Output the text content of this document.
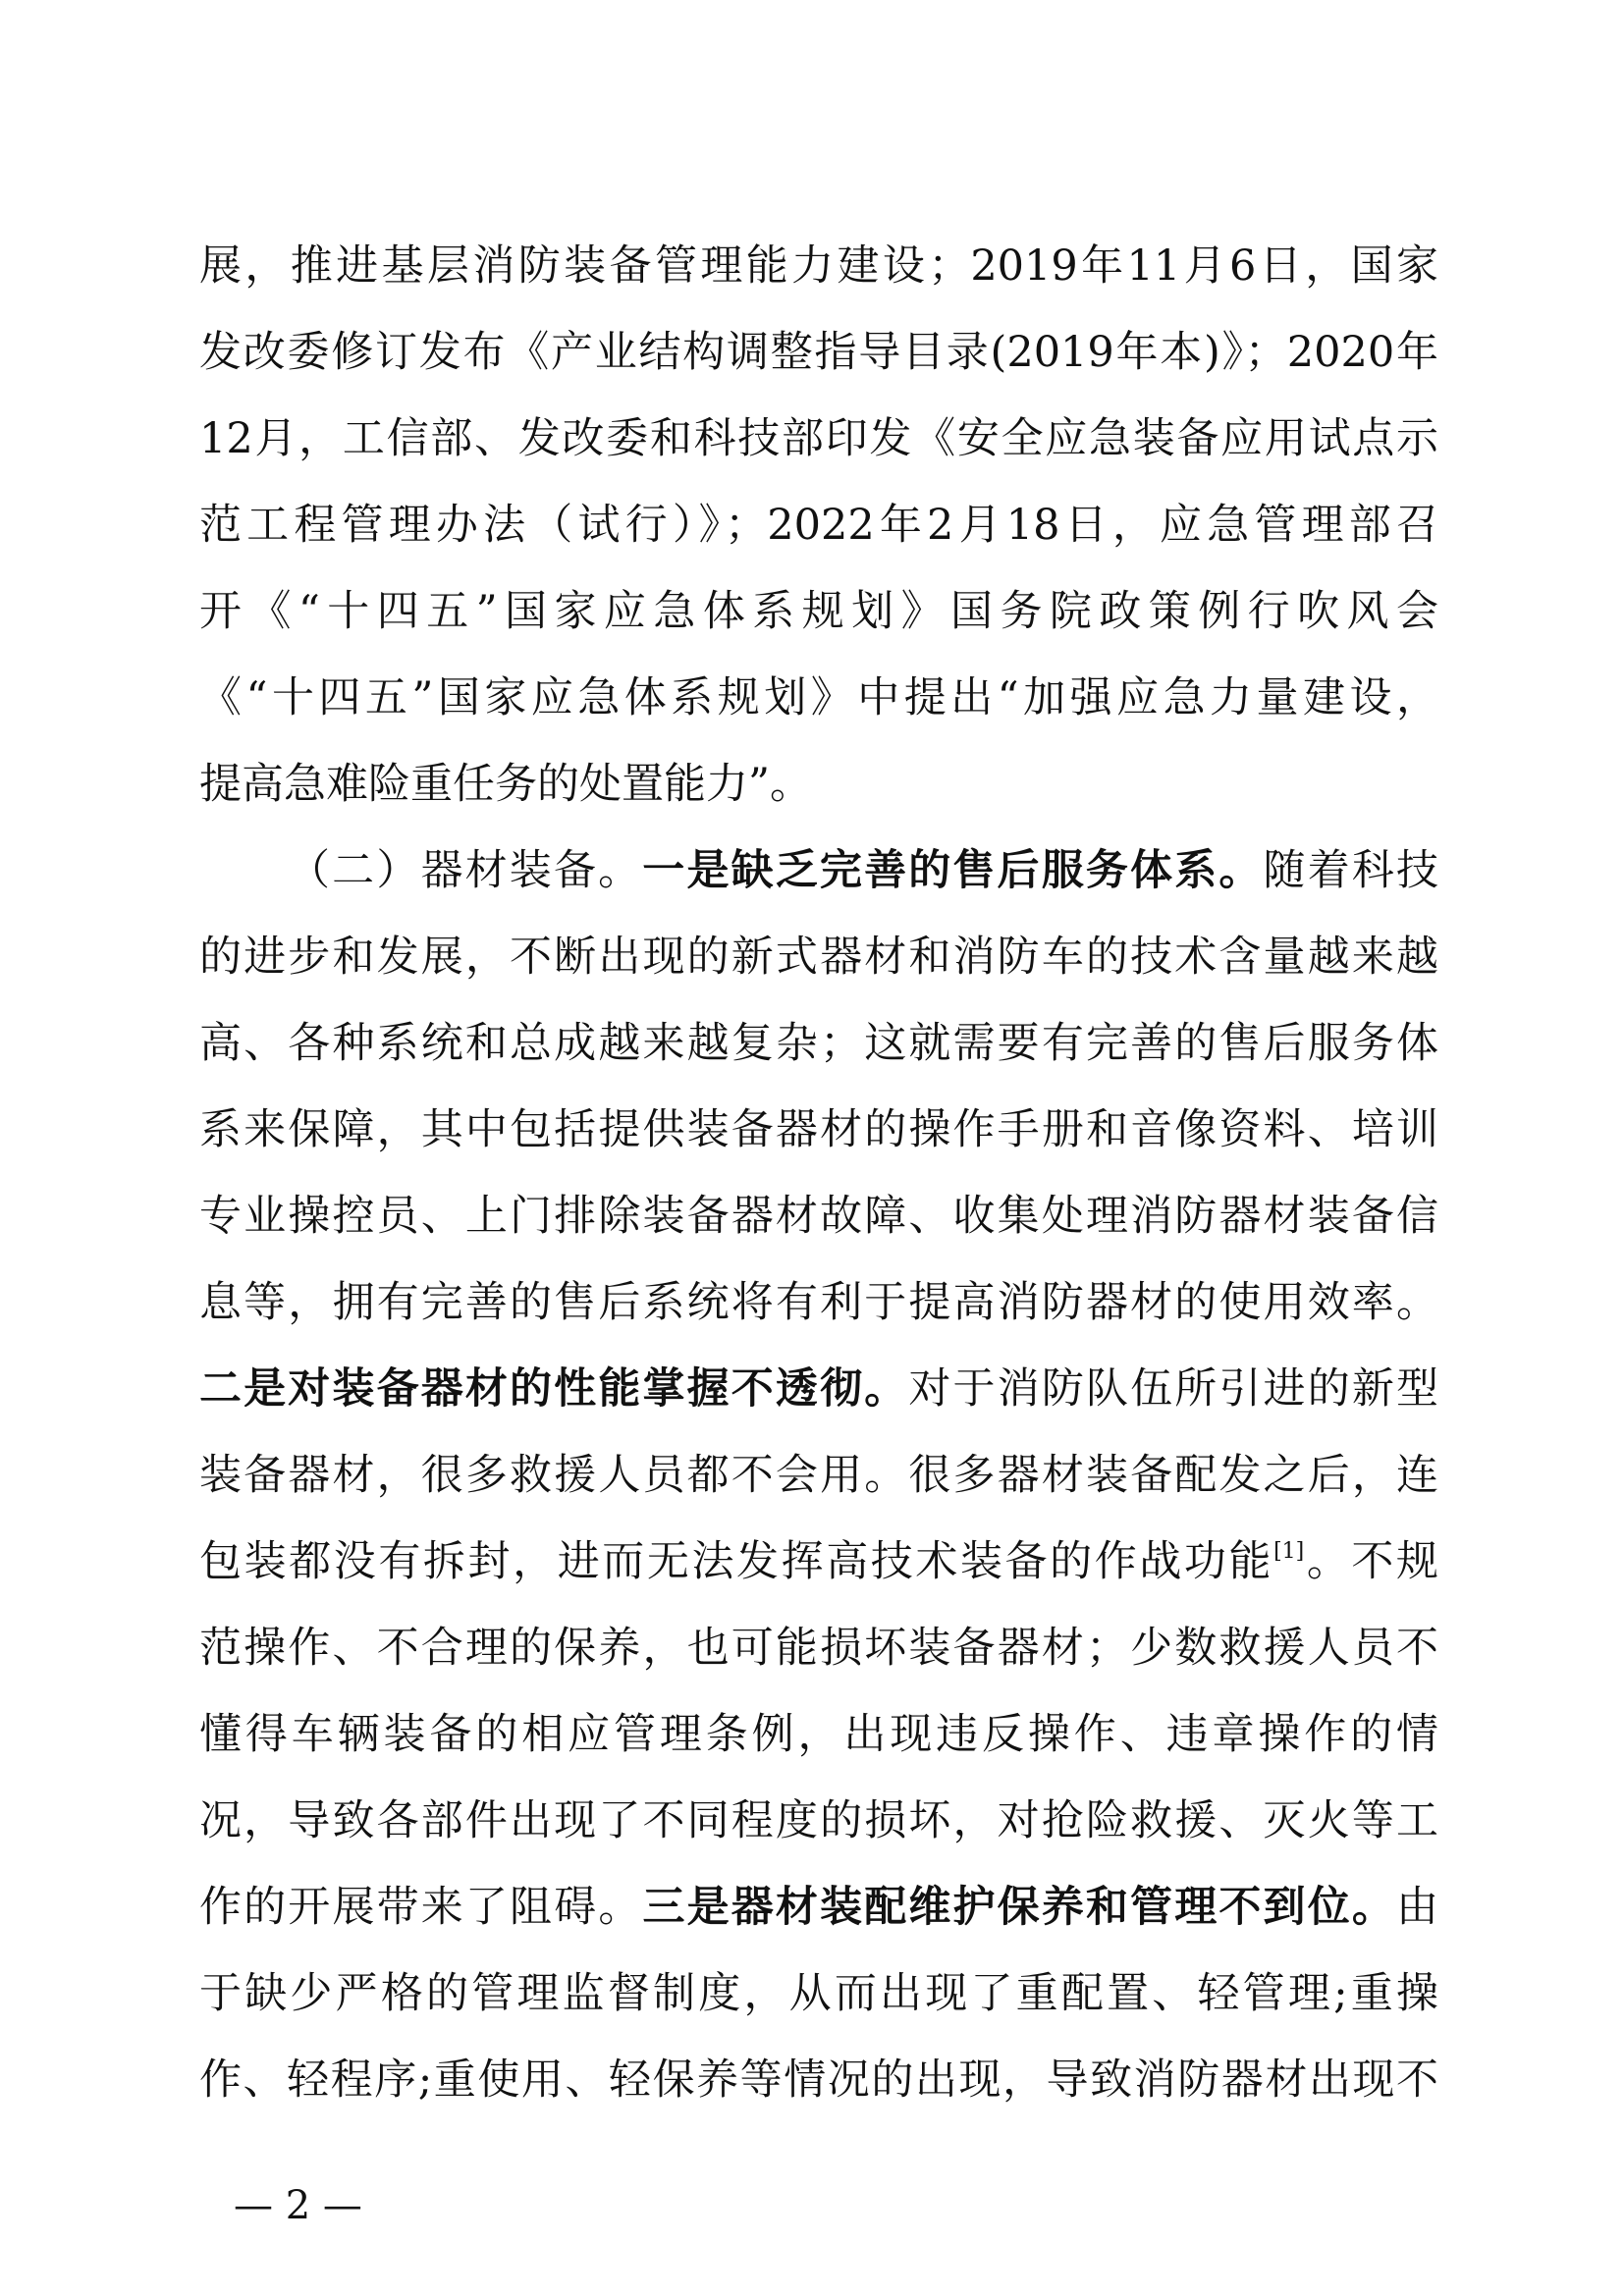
— 2 —
展，推进基层消防装备管理能力建设；2019年11月6日，国家
发改委修订发布《产业结构调整指导目录(2019年本)》；2020年
12月，工信部、发改委和科技部印发《安全应急装备应用试点示
范工程管理办法（试行）》；2022年2月18日，应急管理部召
开《“十四五”国家应急体系规划》国务院政策例行吹风会
《“十四五”国家应急体系规划》中提出“加强应急力量建设，
提高急难险重任务的处置能力”。
（二）器材装备。一是缺乏完善的售后服务体系。随着科技
的进步和发展，不断出现的新式器材和消防车的技术含量越来越
高、各种系统和总成越来越复杂；这就需要有完善的售后服务体
系来保障，其中包括提供装备器材的操作手册和音像资料、培训
专业操控员、上门排除装备器材故障、收集处理消防器材装备信
息等，拥有完善的售后系统将有利于提高消防器材的使用效率。
二是对装备器材的性能掌握不透彻。对于消防队伍所引进的新型
装备器材，很多救援人员都不会用。很多器材装备配发之后，连
包装都没有拆封，进而无法发挥高技术装备的作战功能[1]。不规
范操作、不合理的保养，也可能损坏装备器材；少数救援人员不
懂得车辆装备的相应管理条例，出现违反操作、违章操作的情
况，导致各部件出现了不同程度的损坏，对抢险救援、灭火等工
作的开展带来了阻碍。三是器材装配维护保养和管理不到位。由
于缺少严格的管理监督制度，从而出现了重配置、轻管理;重操
作、轻程序;重使用、轻保养等情况的出现，导致消防器材出现不
